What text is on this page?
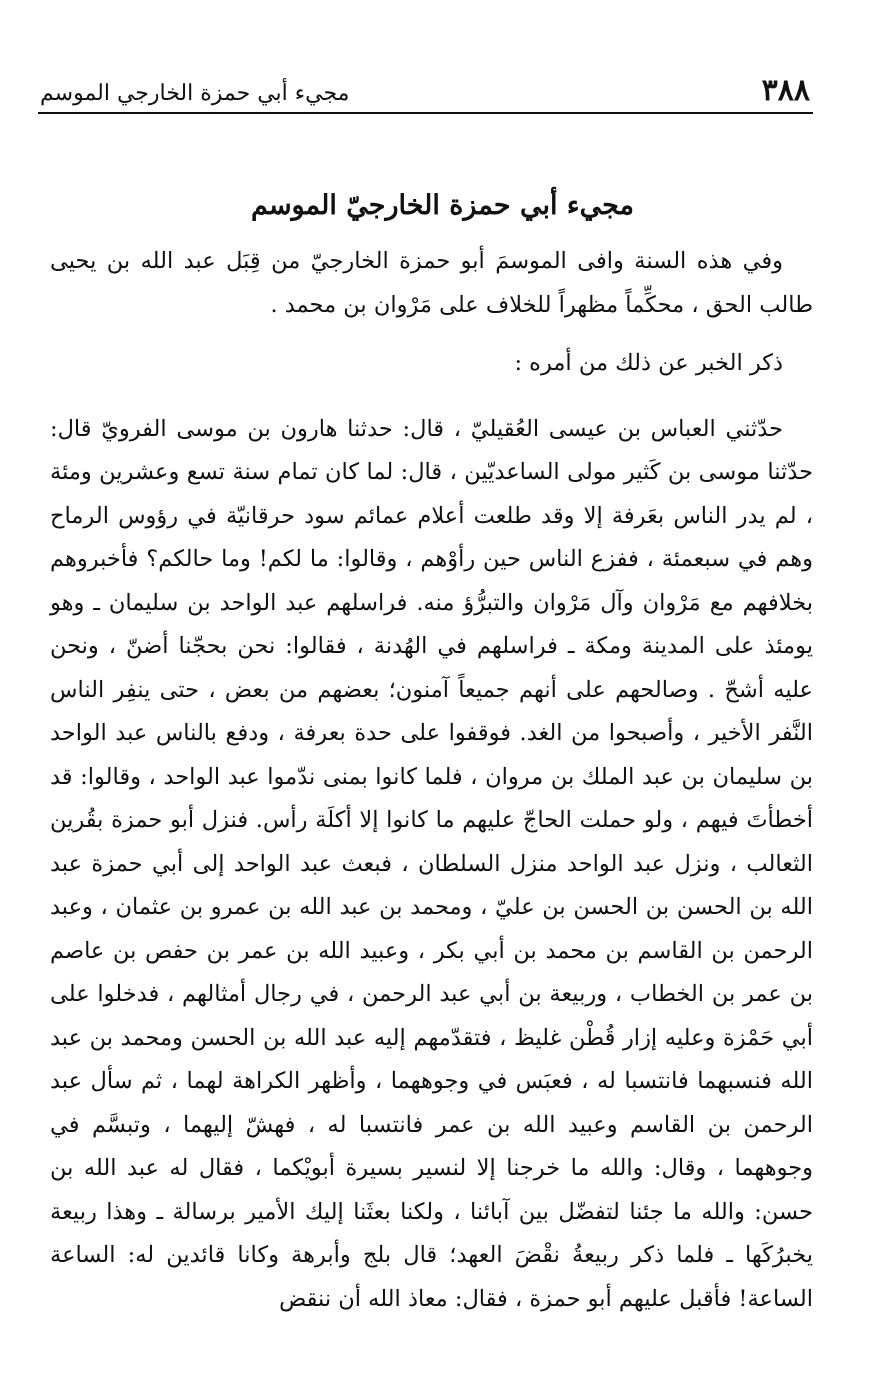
٣٨٨
مجيء أبي حمزة الخارجي الموسم
مجيء أبي حمزة الخارجيّ الموسم

وفي هذه السنة وافى الموسمَ أبو حمزة الخارجيّ من قِبَل عبد الله بن يحيى طالب الحق ، محكِّماً مظهراً للخلاف على مَرْوان بن محمد .

ذكر الخبر عن ذلك من أمره :

حدّثني العباس بن عيسى العُقيليّ ، قال: حدثنا هارون بن موسى الفرويّ قال: حدّثنا موسى بن كَثير مولى الساعديّين ، قال: لما كان تمام سنة تسع وعشرين ومئة ، لم يدر الناس بعَرفة إلا وقد طلعت أعلام عمائم سود حرقانيّة في رؤوس الرماح وهم في سبعمئة ، ففزع الناس حين رأوْهم ، وقالوا: ما لكم! وما حالكم؟ فأخبروهم بخلافهم مع مَرْوان وآل مَرْوان والتبرُّؤ منه. فراسلهم عبد الواحد بن سليمان ـ وهو يومئذ على المدينة ومكة ـ فراسلهم في الهُدنة ، فقالوا: نحن بحجّنا أضنّ ، ونحن عليه أشحّ . وصالحهم على أنهم جميعاً آمنون؛ بعضهم من بعض ، حتى ينفِر الناس النَّفر الأخير ، وأصبحوا من الغد. فوقفوا على حدة بعرفة ، ودفع بالناس عبد الواحد بن سليمان بن عبد الملك بن مروان ، فلما كانوا بمنى ندّموا عبد الواحد ، وقالوا: قد أخطأتَ فيهم ، ولو حملت الحاجّ عليهم ما كانوا إلا أكلَة رأس. فنزل أبو حمزة بقُرين الثعالب ، ونزل عبد الواحد منزل السلطان ، فبعث عبد الواحد إلى أبي حمزة عبد الله بن الحسن بن الحسن بن عليّ ، ومحمد بن عبد الله بن عمرو بن عثمان ، وعبد الرحمن بن القاسم بن محمد بن أبي بكر ، وعبيد الله بن عمر بن حفص بن عاصم بن عمر بن الخطاب ، وربيعة بن أبي عبد الرحمن ، في رجال أمثالهم ، فدخلوا على أبي حَمْزة وعليه إزار قُطْن غليظ ، فتقدّمهم إليه عبد الله بن الحسن ومحمد بن عبد الله فنسبهما فانتسبا له ، فعبَس في وجوههما ، وأظهر الكراهة لهما ، ثم سأل عبد الرحمن بن القاسم وعبيد الله بن عمر فانتسبا له ، فهشّ إليهما ، وتبسَّم في وجوههما ، وقال: والله ما خرجنا إلا لنسير بسيرة أبويْكما ، فقال له عبد الله بن حسن: والله ما جئنا لتفضّل بين آبائنا ، ولكنا بعثَنا إليك الأمير برسالة ـ وهذا ربيعة يخبرُكَها ـ فلما ذكر ربيعةُ نقْضَ العهد؛ قال بلج وأبرهة وكانا قائدين له: الساعة الساعة! فأقبل عليهم أبو حمزة ، فقال: معاذ الله أن ننقض
